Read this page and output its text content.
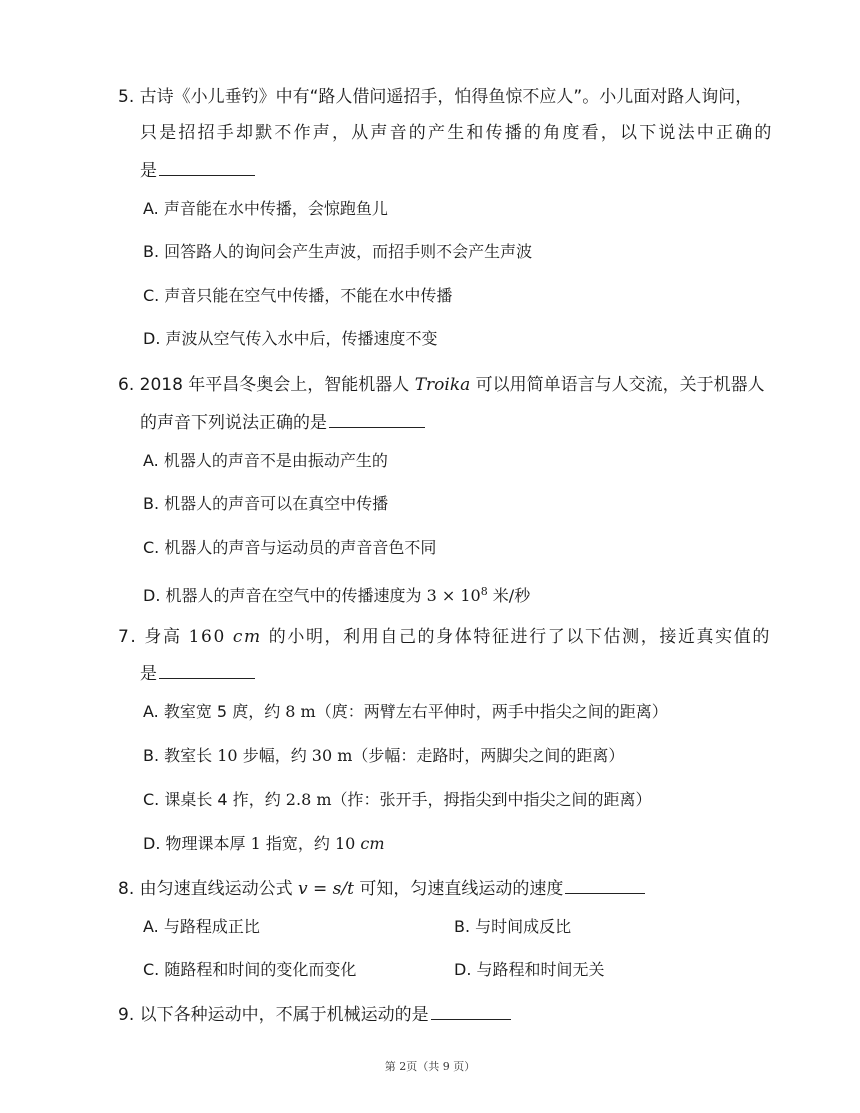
5. 古诗《小儿垂钓》中有“路人借问遥招手，怕得鱼惊不应人”。小儿面对路人询问，
只是招招手却默不作声，从声音的产生和传播的角度看，以下说法中正确的
是
A. 声音能在水中传播，会惊跑鱼儿
B. 回答路人的询问会产生声波，而招手则不会产生声波
C. 声音只能在空气中传播，不能在水中传播
D. 声波从空气传入水中后，传播速度不变
6. 2018 年平昌冬奥会上，智能机器人 Troika 可以用简单语言与人交流，关于机器人
的声音下列说法正确的是
A. 机器人的声音不是由振动产生的
B. 机器人的声音可以在真空中传播
C. 机器人的声音与运动员的声音音色不同
D. 机器人的声音在空气中的传播速度为 $3 \times 10^8$ 米/秒
7. 身高 160 cm 的小明，利用自己的身体特征进行了以下估测，接近真实值的
是
A. 教室宽 5 庹，约 8 m（庹：两臂左右平伸时，两手中指尖之间的距离）
B. 教室长 10 步幅，约 30 m（步幅：走路时，两脚尖之间的距离）
C. 课桌长 4 拃，约 2.8 m（拃：张开手，拇指尖到中指尖之间的距离）
D. 物理课本厚 1 指宽，约 10 cm
8. 由匀速直线运动公式 v = s/t 可知，匀速直线运动的速度
A. 与路程成正比	B. 与时间成反比
C. 随路程和时间的变化而变化	D. 与路程和时间无关
9. 以下各种运动中，不属于机械运动的是
第 2页（共 9 页）
